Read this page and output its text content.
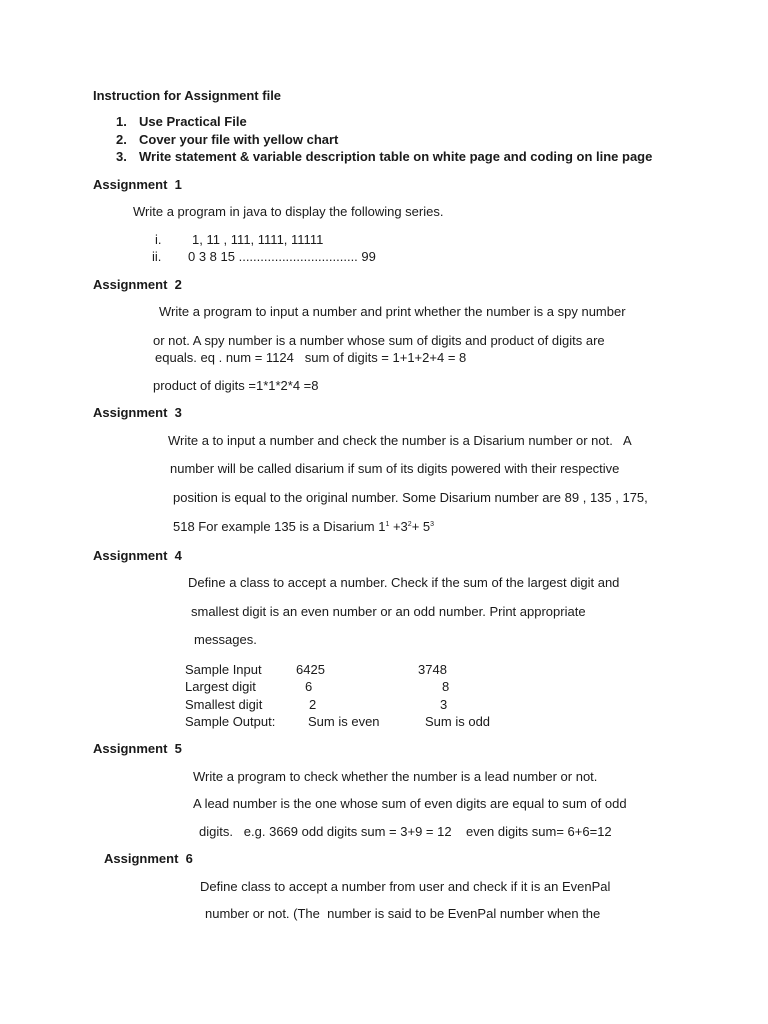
Instruction for Assignment file
1. Use Practical File
2. Cover your file with yellow chart
3. Write statement & variable description table on white page and coding on line page
Assignment  1
Write a program in java to display the following series.
i. 1, 11 , 111, 1111, 11111
ii. 0 3 8 15 ................................. 99
Assignment  2
Write a program to input a number and print whether the number is a spy number
or not. A spy number is a number whose sum of digits and product of digits are
equals. eq . num = 1124   sum of digits = 1+1+2+4 = 8
product of digits =1*1*2*4 =8
Assignment  3
Write a to input a number and check the number is a Disarium number or not.   A
number will be called disarium if sum of its digits powered with their respective
position is equal to the original number. Some Disarium number are 89 , 135 , 175,
518 For example 135 is a Disarium $1^1 +3^2+ 5^3$
Assignment  4
Define a class to accept a number. Check if the sum of the largest digit and
smallest digit is an even number or an odd number. Print appropriate
messages.
Sample Input	6425	3748
Largest digit	6	8
Smallest digit	2	3
Sample Output:	Sum is even	Sum is odd
Assignment  5
Write a program to check whether the number is a lead number or not.
A lead number is the one whose sum of even digits are equal to sum of odd
digits.   e.g. 3669 odd digits sum = 3+9 = 12    even digits sum= 6+6=12
Assignment  6
Define class to accept a number from user and check if it is an EvenPal
number or not. (The  number is said to be EvenPal number when the
